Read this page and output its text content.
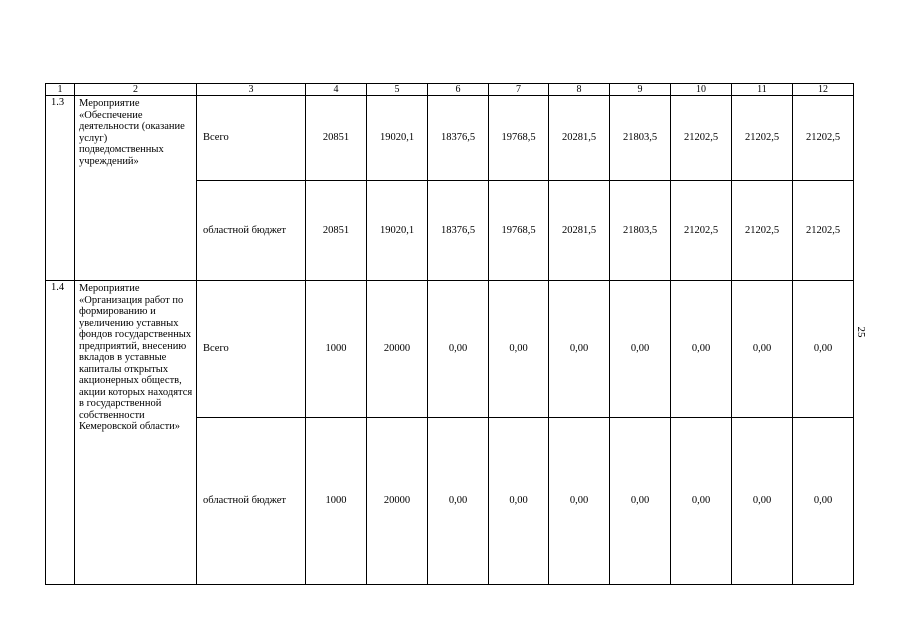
1	2	3	4	5	6	7	8	9	10	11	12
1.3	Мероприятие «Обеспечение деятельности (оказание услуг) подведомственных учреждений»	Всего	20851	19020,1	18376,5	19768,5	20281,5	21803,5	21202,5	21202,5	21202,5
		областной бюджет	20851	19020,1	18376,5	19768,5	20281,5	21803,5	21202,5	21202,5	21202,5
1.4	Мероприятие «Организация работ по формированию и увеличению уставных фондов государственных предприятий, внесению вкладов в уставные капиталы открытых акционерных обществ, акции которых находятся в государственной собственности Кемеровской области»	Всего	1000	20000	0,00	0,00	0,00	0,00	0,00	0,00	0,00
		областной бюджет	1000	20000	0,00	0,00	0,00	0,00	0,00	0,00	0,00
25
